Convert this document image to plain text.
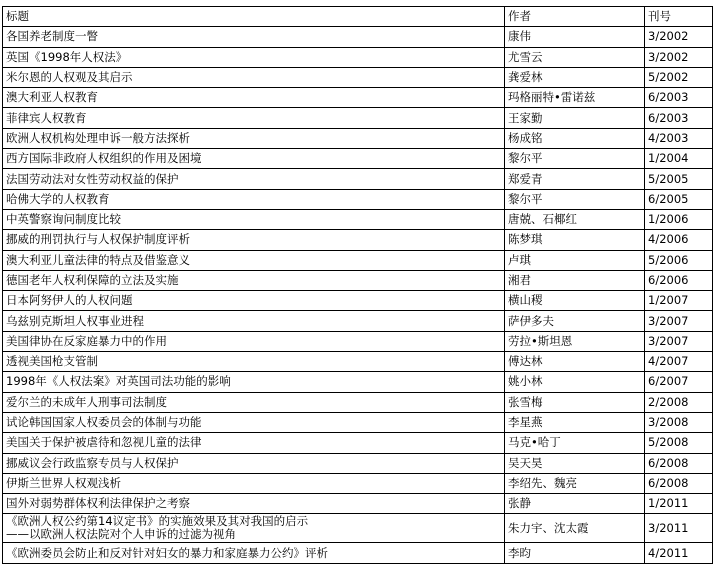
标题	作者	刊号
各国养老制度一瞥	康伟	3/2002
英国《1998年人权法》	尤雪云	3/2002
米尔恩的人权观及其启示	龚爱林	5/2002
澳大利亚人权教育	玛格丽特•雷诺兹	6/2003
菲律宾人权教育	王家勤	6/2003
欧洲人权机构处理申诉一般方法探析	杨成铭	4/2003
西方国际非政府人权组织的作用及困境	黎尔平	1/2004
法国劳动法对女性劳动权益的保护	郑爱青	5/2005
哈佛大学的人权教育	黎尔平	6/2005
中英警察询问制度比较	唐兢、石椰红	1/2006
挪威的刑罚执行与人权保护制度评析	陈梦琪	4/2006
澳大利亚儿童法律的特点及借鉴意义	卢琪	5/2006
德国老年人权利保障的立法及实施	湘君	6/2006
日本阿努伊人的人权问题	横山稷	1/2007
乌兹别克斯坦人权事业进程	萨伊多夫	3/2007
美国律协在反家庭暴力中的作用	劳拉•斯坦恩	3/2007
透视美国枪支管制	傅达林	4/2007
1998年《人权法案》对英国司法功能的影响	姚小林	6/2007
爱尔兰的未成年人刑事司法制度	张雪梅	2/2008
试论韩国国家人权委员会的体制与功能	李星燕	3/2008
美国关于保护被虐待和忽视儿童的法律	马克•哈丁	5/2008
挪威议会行政监察专员与人权保护	吴天昊	6/2008
伊斯兰世界人权观浅析	李绍先、魏亮	6/2008
国外对弱势群体权利法律保护之考察	张静	1/2011

《欧洲人权公约第14议定书》的实施效果及其对我国的启示
——以欧洲人权法院对个人申诉的过滤为视角	朱力宇、沈太霞	3/2011
《欧洲委员会防止和反对针对妇女的暴力和家庭暴力公约》评析	李昀	4/2011
